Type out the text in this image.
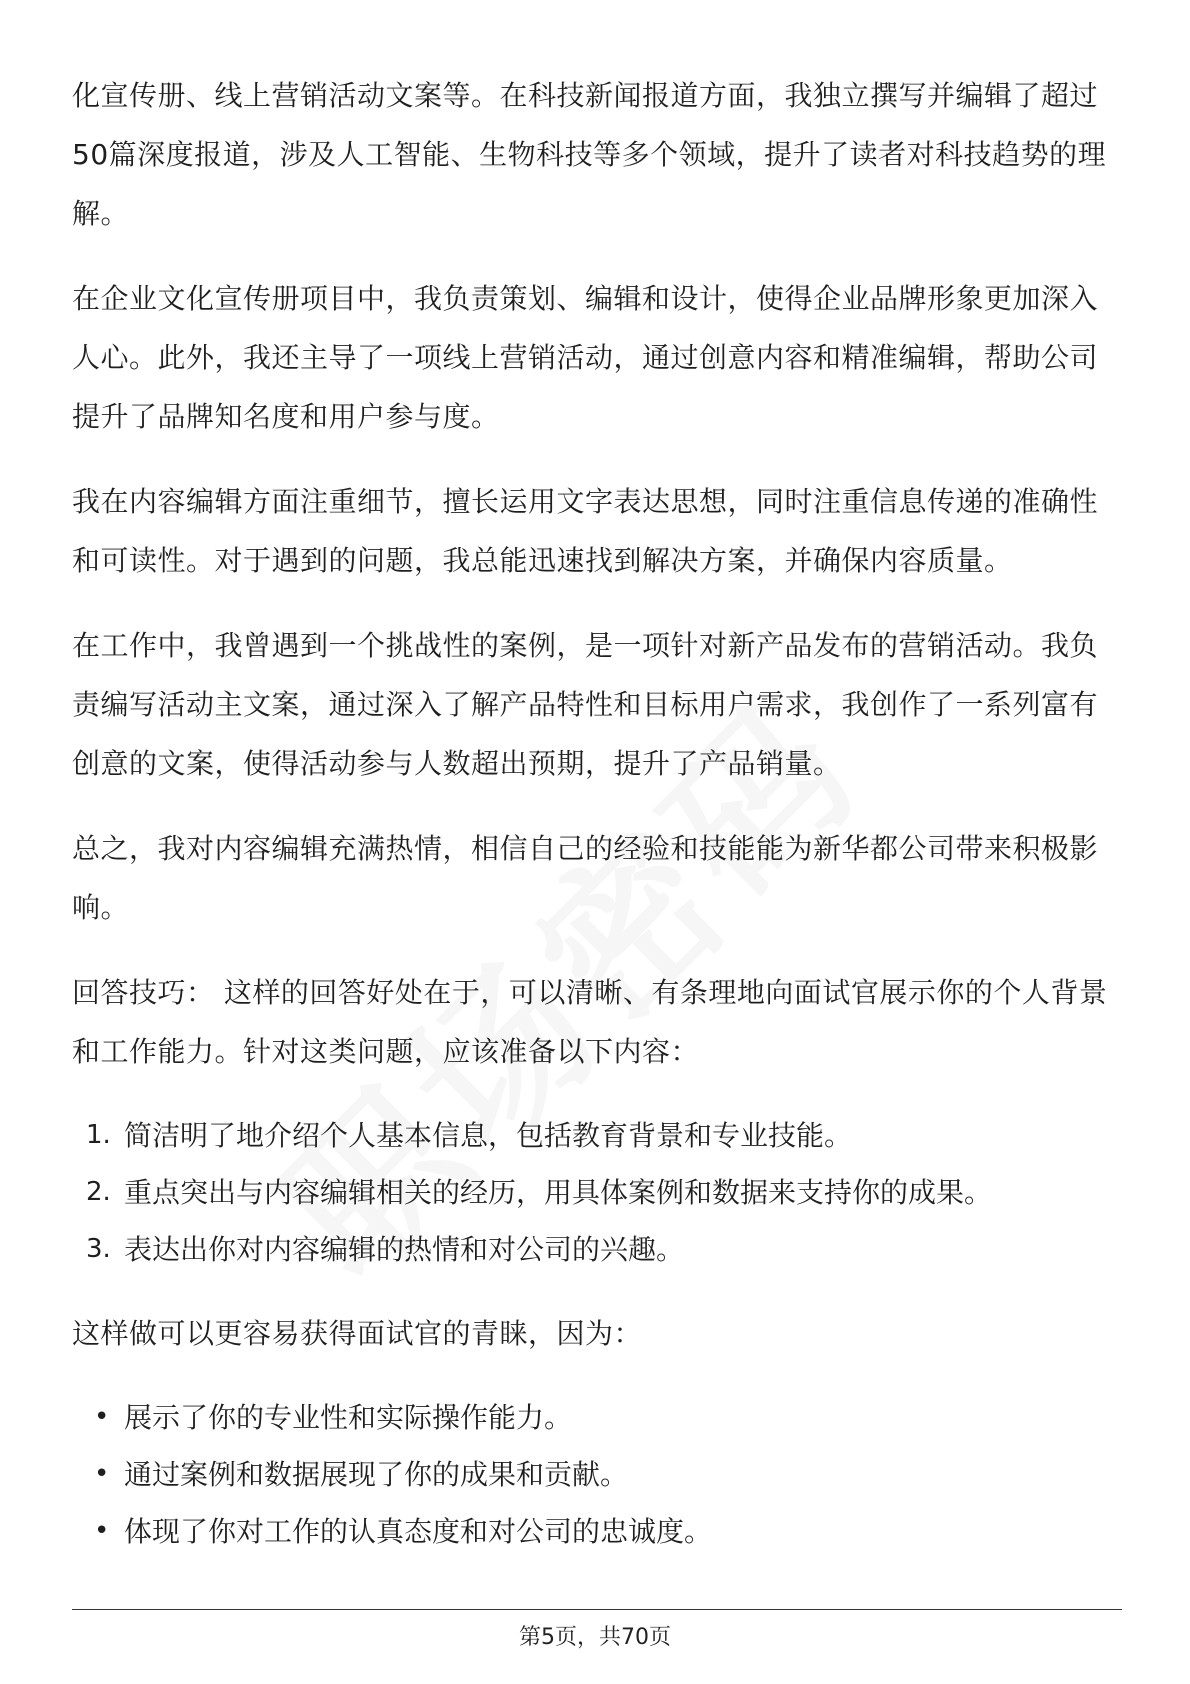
化宣传册、线上营销活动文案等。在科技新闻报道方面，我独立撰写并编辑了超过50篇深度报道，涉及人工智能、生物科技等多个领域，提升了读者对科技趋势的理解。

在企业文化宣传册项目中，我负责策划、编辑和设计，使得企业品牌形象更加深入人心。此外，我还主导了一项线上营销活动，通过创意内容和精准编辑，帮助公司提升了品牌知名度和用户参与度。

我在内容编辑方面注重细节，擅长运用文字表达思想，同时注重信息传递的准确性和可读性。对于遇到的问题，我总能迅速找到解决方案，并确保内容质量。

在工作中，我曾遇到一个挑战性的案例，是一项针对新产品发布的营销活动。我负责编写活动主文案，通过深入了解产品特性和目标用户需求，我创作了一系列富有创意的文案，使得活动参与人数超出预期，提升了产品销量。

总之，我对内容编辑充满热情，相信自己的经验和技能能为新华都公司带来积极影响。

回答技巧： 这样的回答好处在于，可以清晰、有条理地向面试官展示你的个人背景和工作能力。针对这类问题，应该准备以下内容：

1. 简洁明了地介绍个人基本信息，包括教育背景和专业技能。
2. 重点突出与内容编辑相关的经历，用具体案例和数据来支持你的成果。
3. 表达出你对内容编辑的热情和对公司的兴趣。

这样做可以更容易获得面试官的青睐，因为：

• 展示了你的专业性和实际操作能力。
• 通过案例和数据展现了你的成果和贡献。
• 体现了你对工作的认真态度和对公司的忠诚度。
第5页，共70页
